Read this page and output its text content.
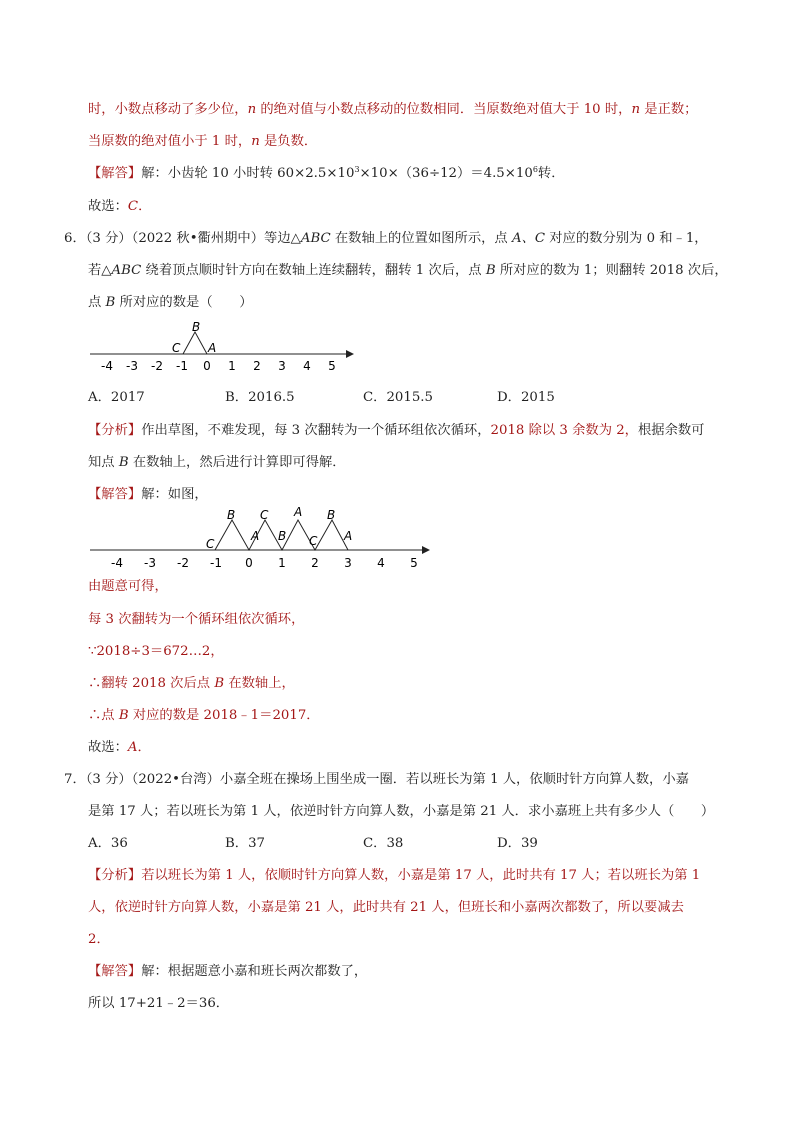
时，小数点移动了多少位，n 的绝对值与小数点移动的位数相同．当原数绝对值大于 10 时，n 是正数；
当原数的绝对值小于 1 时，n 是负数．
【解答】解：小齿轮 10 小时转 $60\times 2.5\times 10^3\times 10\times(36\div 12)=4.5\times 10^6$转．
故选：C．
6．（3 分）（2022 秋•衢州期中）等边△ABC 在数轴上的位置如图所示，点 A、C 对应的数分别为 0 和﹣1，
若△ABC 绕着顶点顺时针方向在数轴上连续翻转，翻转 1 次后，点 B 所对应的数为 1；则翻转 2018 次后，
点 B 所对应的数是（　　）
-4 -3 -2 -1 0 1 2 3 4 5
B
C A
A．2017	B．2016.5	C．2015.5	D．2015
【分析】作出草图，不难发现，每 3 次翻转为一个循环组依次循环，2018 除以 3 余数为 2，根据余数可
知点 B 在数轴上，然后进行计算即可得解．
【解答】解：如图，
-4 -3 -2 -1 0 1 2 3 4 5
C
B
A
C
B
A
C
B
A
由题意可得，
每 3 次翻转为一个循环组依次循环，
∵2018÷3＝672…2，
∴翻转 2018 次后点 B 在数轴上，
∴点 B 对应的数是 2018﹣1＝2017．
故选：A．
7．（3 分）（2022•台湾）小嘉全班在操场上围坐成一圈．若以班长为第 1 人，依顺时针方向算人数，小嘉
是第 17 人；若以班长为第 1 人，依逆时针方向算人数，小嘉是第 21 人．求小嘉班上共有多少人（　　）
A．36	B．37	C．38	D．39
【分析】若以班长为第 1 人，依顺时针方向算人数，小嘉是第 17 人，此时共有 17 人；若以班长为第 1
人，依逆时针方向算人数，小嘉是第 21 人，此时共有 21 人，但班长和小嘉两次都数了，所以要减去
2．
【解答】解：根据题意小嘉和班长两次都数了，
所以 17+21﹣2＝36．
